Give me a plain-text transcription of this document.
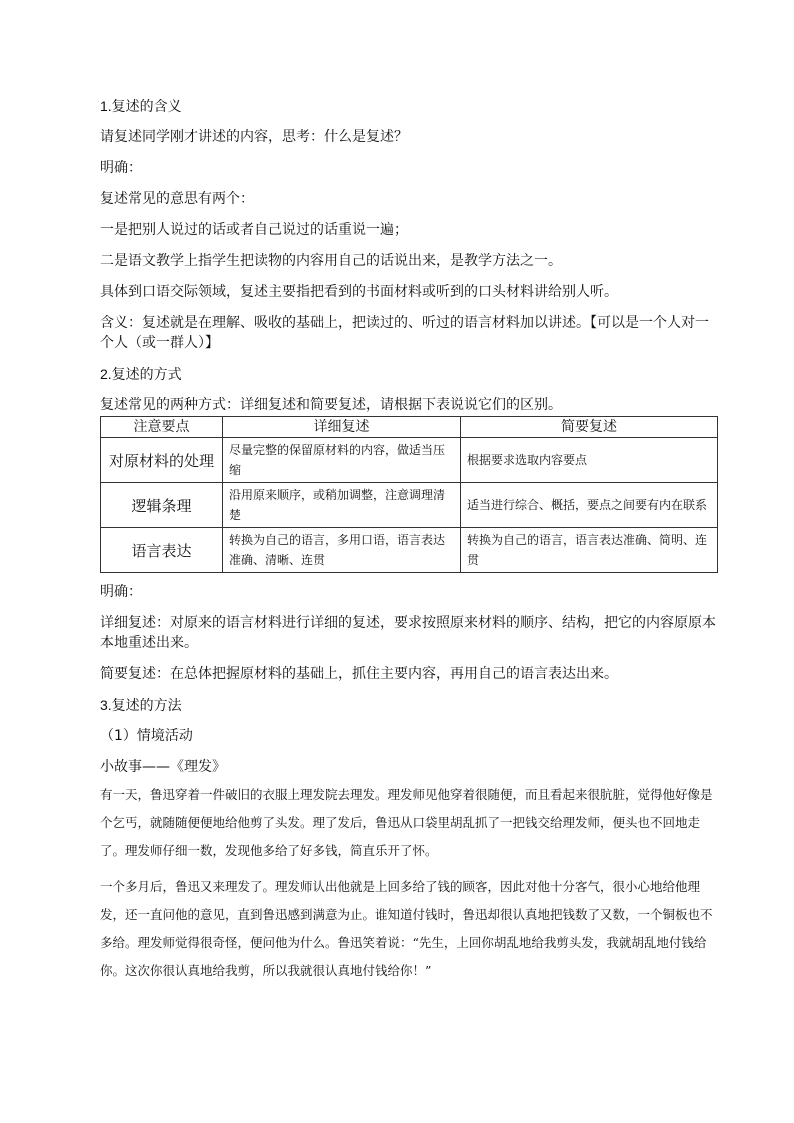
1.复述的含义

请复述同学刚才讲述的内容，思考：什么是复述？

明确：

复述常见的意思有两个：

一是把别人说过的话或者自己说过的话重说一遍；

二是语文教学上指学生把读物的内容用自己的话说出来，是教学方法之一。

具体到口语交际领域，复述主要指把看到的书面材料或听到的口头材料讲给别人听。

含义：复述就是在理解、吸收的基础上，把读过的、听过的语言材料加以讲述。【可以是一个人对一

个人（或一群人）】

2.复述的方式

复述常见的两种方式：详细复述和简要复述，请根据下表说说它们的区别。

注意要点	详细复述	简要复述
对原材料的处理	尽量完整的保留原材料的内容，做适当压缩	根据要求选取内容要点
逻辑条理	沿用原来顺序，或稍加调整，注意调理清楚	适当进行综合、概括，要点之间要有内在联系
语言表达	转换为自己的语言，多用口语，语言表达准确、清晰、连贯	转换为自己的语言，语言表达准确、简明、连贯

明确：

详细复述：对原来的语言材料进行详细的复述，要求按照原来材料的顺序、结构，把它的内容原原本

本地重述出来。

简要复述：在总体把握原材料的基础上，抓住主要内容，再用自己的语言表达出来。

3.复述的方法

（1）情境活动

小故事——《理发》

有一天，鲁迅穿着一件破旧的衣服上理发院去理发。理发师见他穿着很随便，而且看起来很肮脏，觉得他好像是个乞丐，就随随便便地给他剪了头发。理了发后，鲁迅从口袋里胡乱抓了一把钱交给理发师，便头也不回地走了。理发师仔细一数，发现他多给了好多钱，简直乐开了怀。

一个多月后，鲁迅又来理发了。理发师认出他就是上回多给了钱的顾客，因此对他十分客气，很小心地给他理发，还一直问他的意见，直到鲁迅感到满意为止。谁知道付钱时，鲁迅却很认真地把钱数了又数，一个铜板也不多给。理发师觉得很奇怪，便问他为什么。鲁迅笑着说：“先生，上回你胡乱地给我剪头发，我就胡乱地付钱给你。这次你很认真地给我剪，所以我就很认真地付钱给你！”
